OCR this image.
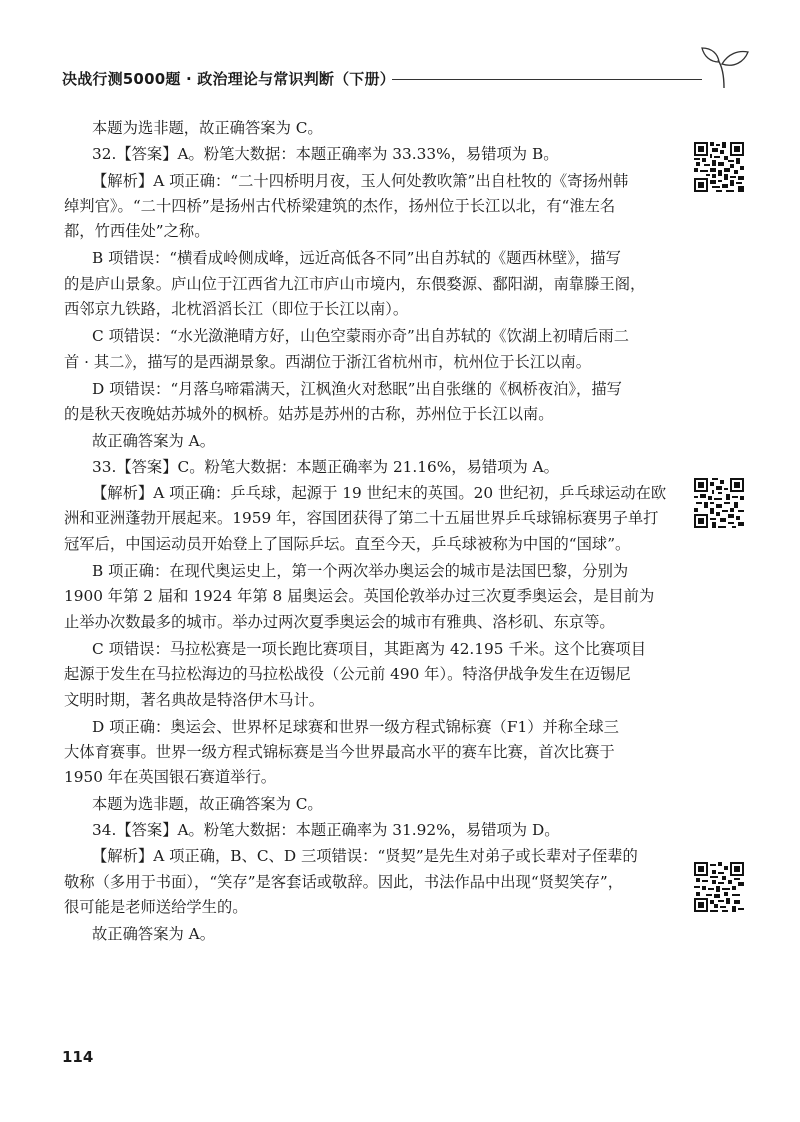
决战行测5000题 · 政治理论与常识判断（下册）

本题为选非题，故正确答案为 C。

32.【答案】A。粉笔大数据：本题正确率为 33.33%，易错项为 B。

【解析】A 项正确：“二十四桥明月夜，玉人何处教吹箫”出自杜牧的《寄扬州韩
绰判官》。“二十四桥”是扬州古代桥梁建筑的杰作，扬州位于长江以北，有“淮左名
都，竹西佳处”之称。

B 项错误：“横看成岭侧成峰，远近高低各不同”出自苏轼的《题西林壁》，描写
的是庐山景象。庐山位于江西省九江市庐山市境内，东偎婺源、鄱阳湖，南靠滕王阁，
西邻京九铁路，北枕滔滔长江（即位于长江以南）。

C 项错误：“水光潋滟晴方好，山色空蒙雨亦奇”出自苏轼的《饮湖上初晴后雨二
首 · 其二》，描写的是西湖景象。西湖位于浙江省杭州市，杭州位于长江以南。

D 项错误：“月落乌啼霜满天，江枫渔火对愁眠”出自张继的《枫桥夜泊》，描写
的是秋天夜晚姑苏城外的枫桥。姑苏是苏州的古称，苏州位于长江以南。

故正确答案为 A。

33.【答案】C。粉笔大数据：本题正确率为 21.16%，易错项为 A。

【解析】A 项正确：乒乓球，起源于 19 世纪末的英国。20 世纪初，乒乓球运动在欧
洲和亚洲蓬勃开展起来。1959 年，容国团获得了第二十五届世界乒乓球锦标赛男子单打
冠军后，中国运动员开始登上了国际乒坛。直至今天，乒乓球被称为中国的“国球”。

B 项正确：在现代奥运史上，第一个两次举办奥运会的城市是法国巴黎，分别为
1900 年第 2 届和 1924 年第 8 届奥运会。英国伦敦举办过三次夏季奥运会，是目前为
止举办次数最多的城市。举办过两次夏季奥运会的城市有雅典、洛杉矶、东京等。

C 项错误：马拉松赛是一项长跑比赛项目，其距离为 42.195 千米。这个比赛项目
起源于发生在马拉松海边的马拉松战役（公元前 490 年）。特洛伊战争发生在迈锡尼
文明时期，著名典故是特洛伊木马计。

D 项正确：奥运会、世界杯足球赛和世界一级方程式锦标赛（F1）并称全球三
大体育赛事。世界一级方程式锦标赛是当今世界最高水平的赛车比赛，首次比赛于
1950 年在英国银石赛道举行。

本题为选非题，故正确答案为 C。

34.【答案】A。粉笔大数据：本题正确率为 31.92%，易错项为 D。

【解析】A 项正确，B、C、D 三项错误：“贤契”是先生对弟子或长辈对子侄辈的
敬称（多用于书面），“笑存”是客套话或敬辞。因此，书法作品中出现“贤契笑存”，
很可能是老师送给学生的。

故正确答案为 A。

114
